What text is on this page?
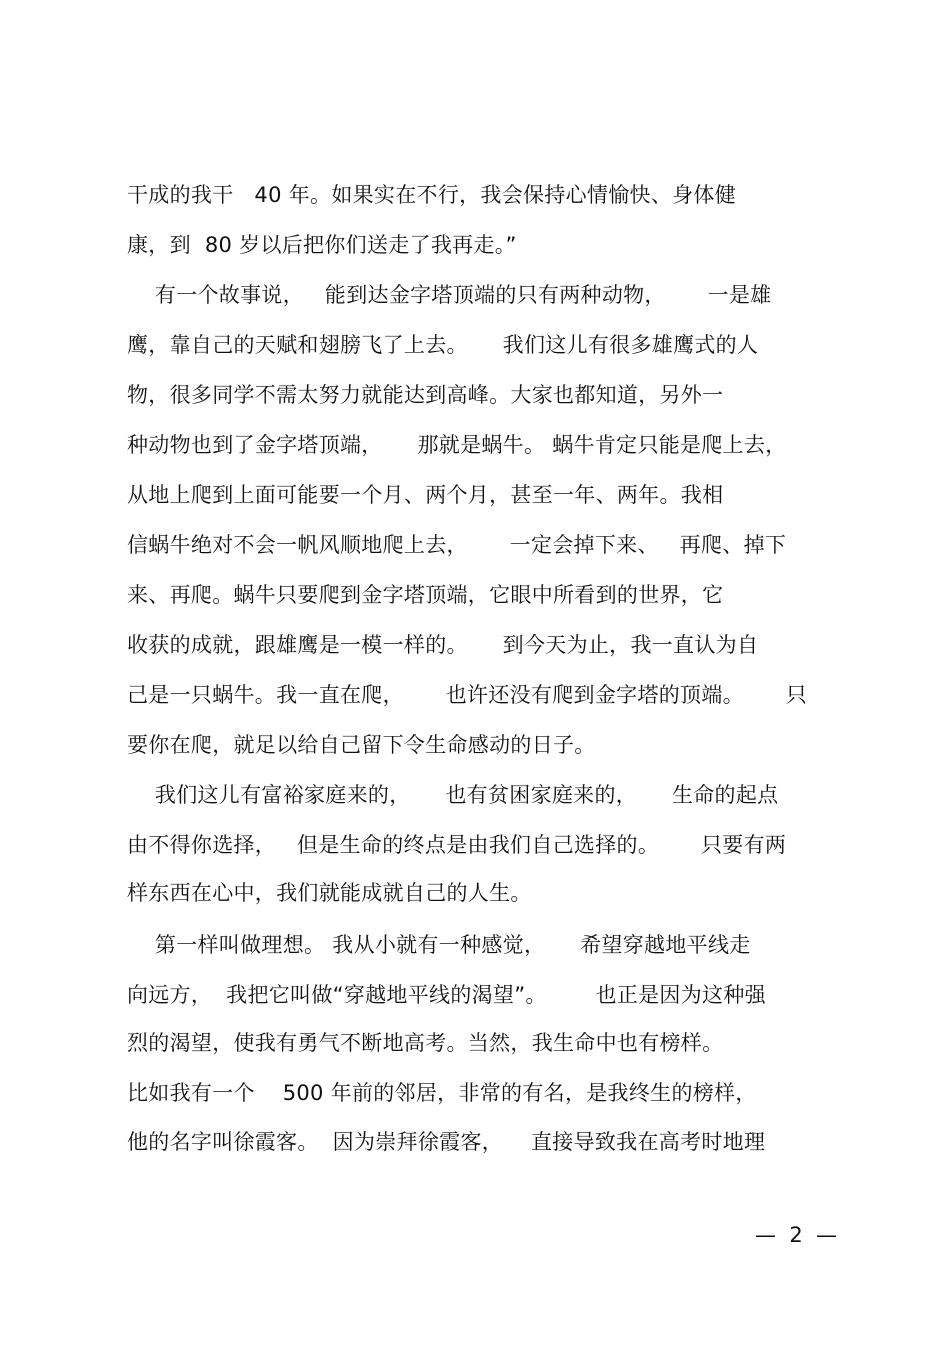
干成的我干   40 年。如果实在不行，我会保持心情愉快、身体健
康，到  80 岁以后把你们送走了我再走。”
有一个故事说，   能到达金字塔顶端的只有两种动物，      一是雄
鹰，靠自己的天赋和翅膀飞了上去。     我们这儿有很多雄鹰式的人
物，很多同学不需太努力就能达到高峰。大家也都知道，另外一
种动物也到了金字塔顶端，     那就是蜗牛。 蜗牛肯定只能是爬上去，
从地上爬到上面可能要一个月、两个月，甚至一年、两年。我相
信蜗牛绝对不会一帆风顺地爬上去，      一定会掉下来、   再爬、掉下
来、再爬。蜗牛只要爬到金字塔顶端，它眼中所看到的世界，它
收获的成就，跟雄鹰是一模一样的。     到今天为止，我一直认为自
己是一只蜗牛。我一直在爬，      也许还没有爬到金字塔的顶端。      只
要你在爬，就足以给自己留下令生命感动的日子。
我们这儿有富裕家庭来的，     也有贫困家庭来的，     生命的起点
由不得你选择，   但是生命的终点是由我们自己选择的。      只要有两
样东西在心中，我们就能成就自己的人生。
第一样叫做理想。 我从小就有一种感觉，     希望穿越地平线走
向远方，  我把它叫做“穿越地平线的渴望”。       也正是因为这种强
烈的渴望，使我有勇气不断地高考。当然，我生命中也有榜样。
比如我有一个    500 年前的邻居，非常的有名，是我终生的榜样，
他的名字叫徐霞客。  因为崇拜徐霞客，    直接导致我在高考时地理
—  2  —
